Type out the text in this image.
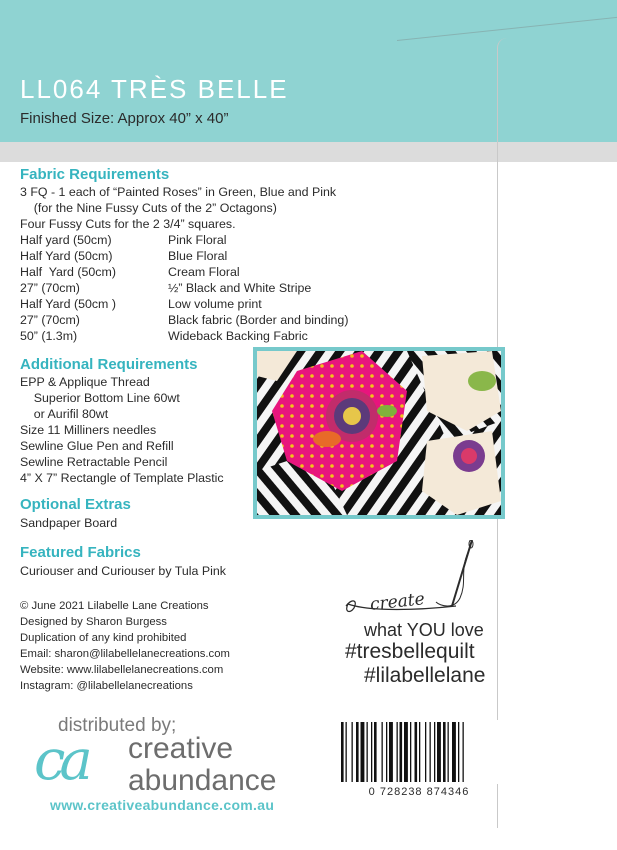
LL064 TRÈS BELLE
Finished Size: Approx 40” x 40”
Fabric Requirements
3 FQ - 1 each of “Painted Roses” in Green, Blue and Pink
(for the Nine Fussy Cuts of the 2” Octagons)
Four Fussy Cuts for the 2 3/4” squares.
Half yard (50cm)	Pink Floral
Half Yard (50cm)	Blue Floral
Half  Yard (50cm)	Cream Floral
27” (70cm)	½” Black and White Stripe
Half Yard (50cm )	Low volume print
27” (70cm)	Black fabric (Border and binding)
50” (1.3m)	Wideback Backing Fabric
Additional Requirements
EPP & Applique Thread
Superior Bottom Line 60wt
or Aurifil 80wt
Size 11 Milliners needles
Sewline Glue Pen and Refill
Sewline Retractable Pencil
4” X 7” Rectangle of Template Plastic
Optional Extras
Sandpaper Board
Featured Fabrics
Curiouser and Curiouser by Tula Pink
© June 2021 Lilabelle Lane Creations
Designed by Sharon Burgess
Duplication of any kind prohibited
Email: sharon@lilabellelanecreations.com
Website: www.lilabellelanecreations.com
Instagram: @lilabellelanecreations
create
what YOU love
#tresbellequilt
#lilabellelane
0 728238 874346
distributed by;
ca creative
abundance
www.creativeabundance.com.au
